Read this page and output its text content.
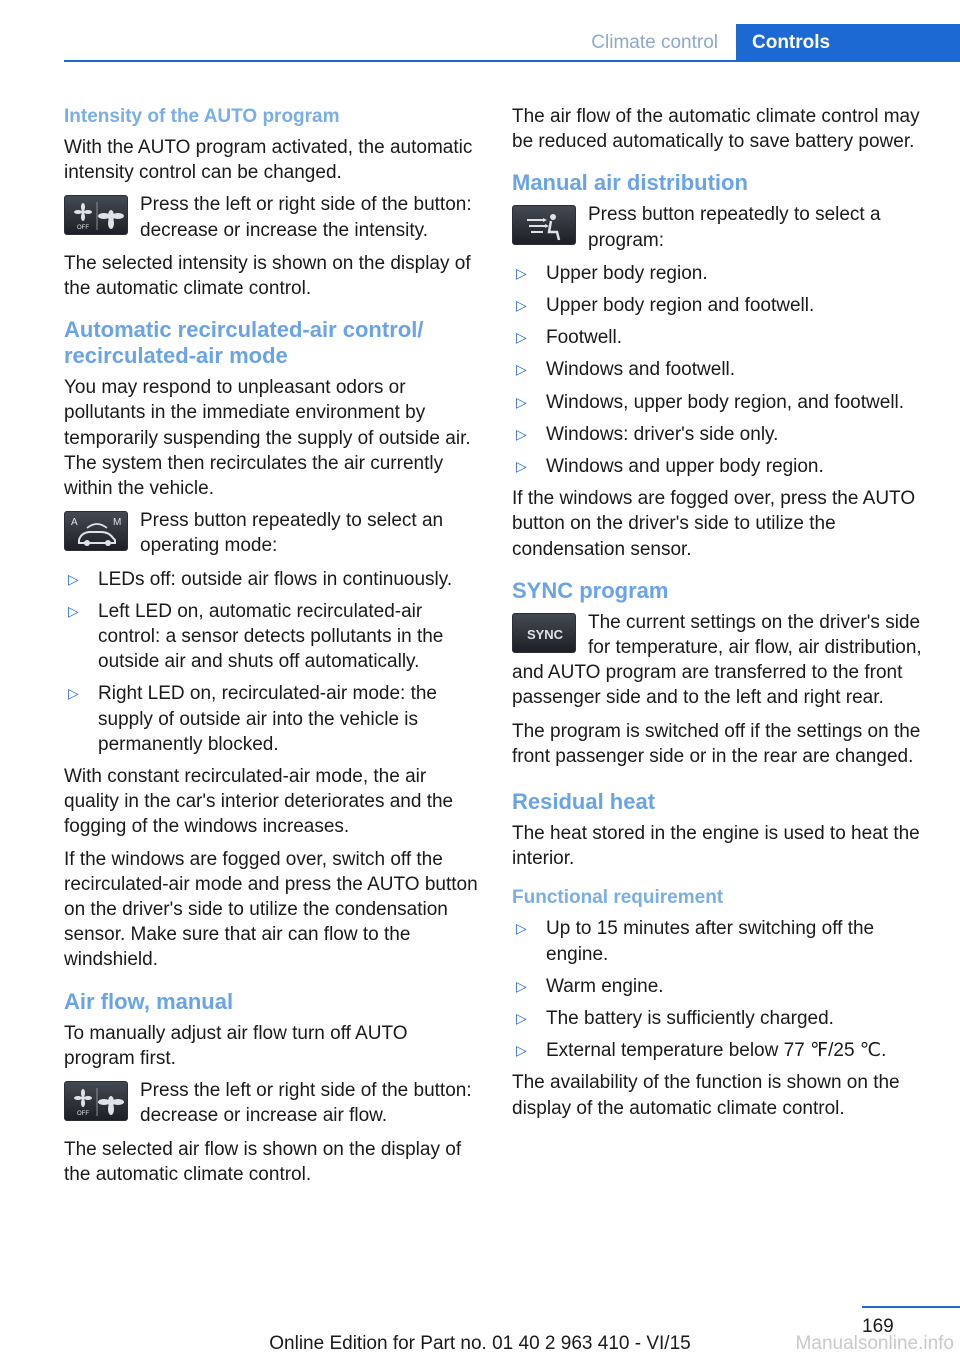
Climate control	Controls
Intensity of the AUTO program

With the AUTO program activated, the automatic intensity control can be changed.

OFF
Press the left or right side of the button: decrease or increase the intensity.

The selected intensity is shown on the display of the automatic climate control.

Automatic recirculated-air control/ recirculated-air mode

You may respond to unpleasant odors or pollutants in the immediate environment by temporarily suspending the supply of outside air. The system then recirculates the air currently within the vehicle.

A	M Press button repeatedly to select an operating mode:
▷ LEDs off: outside air flows in continuously.
▷ Left LED on, automatic recirculated-air control: a sensor detects pollutants in the outside air and shuts off automatically.
▷ Right LED on, recirculated-air mode: the supply of outside air into the vehicle is permanently blocked.

With constant recirculated-air mode, the air quality in the car's interior deteriorates and the fogging of the windows increases.

If the windows are fogged over, switch off the recirculated-air mode and press the AUTO button on the driver's side to utilize the condensation sensor. Make sure that air can flow to the windshield.

Air flow, manual

To manually adjust air flow turn off AUTO program first.

OFF
Press the left or right side of the button: decrease or increase air flow.

The selected air flow is shown on the display of the automatic climate control.

The air flow of the automatic climate control may be reduced automatically to save battery power.

Manual air distribution
Press button repeatedly to select a program:
▷ Upper body region.
▷ Upper body region and footwell.
▷ Footwell.
▷ Windows and footwell.
▷ Windows, upper body region, and footwell.
▷ Windows: driver's side only.
▷ Windows and upper body region.

If the windows are fogged over, press the AUTO button on the driver's side to utilize the condensation sensor.

SYNC program
SYNC
The current settings on the driver's side for temperature, air flow, air distribution, and AUTO program are transferred to the front passenger side and to the left and right rear.

The program is switched off if the settings on the front passenger side or in the rear are changed.

Residual heat

The heat stored in the engine is used to heat the interior.

Functional requirement
▷ Up to 15 minutes after switching off the engine.
▷ Warm engine.
▷ The battery is sufficiently charged.
▷ External temperature below 77 ℉/25 ℃.

The availability of the function is shown on the display of the automatic climate control.

169
Online Edition for Part no. 01 40 2 963 410 - VI/15	Manualsonline.info
